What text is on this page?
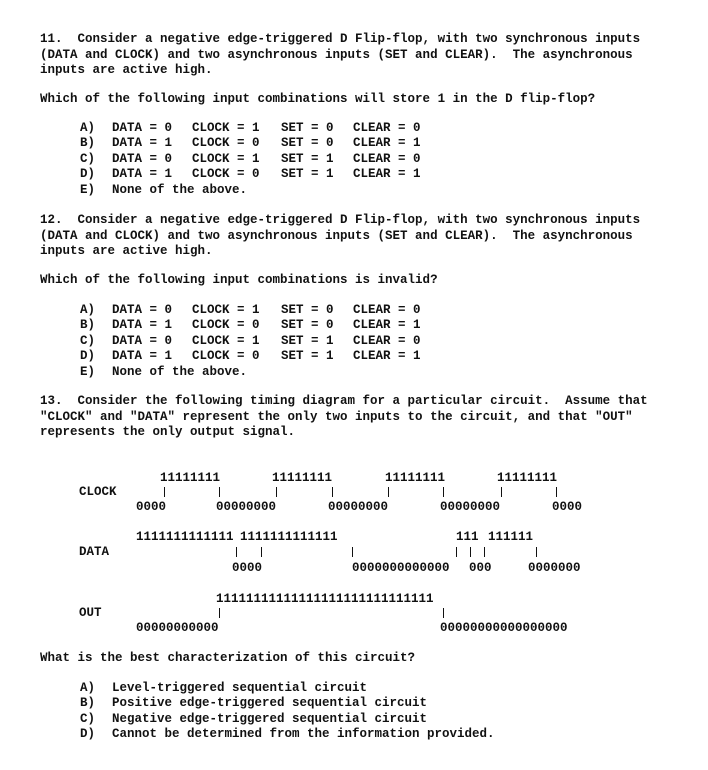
11.  Consider a negative edge-triggered D Flip-flop, with two synchronous inputs
(DATA and CLOCK) and two asynchronous inputs (SET and CLEAR).  The asynchronous
inputs are active high.
Which of the following input combinations will store 1 in the D flip-flop?
A)	DATA = 0	CLOCK = 1	SET = 0	CLEAR = 0
B)	DATA = 1	CLOCK = 0	SET = 0	CLEAR = 1
C)	DATA = 0	CLOCK = 1	SET = 1	CLEAR = 0
D)	DATA = 1	CLOCK = 0	SET = 1	CLEAR = 1
E)	None of the above.
12.  Consider a negative edge-triggered D Flip-flop, with two synchronous inputs
(DATA and CLOCK) and two asynchronous inputs (SET and CLEAR).  The asynchronous
inputs are active high.
Which of the following input combinations is invalid?
A)	DATA = 0	CLOCK = 1	SET = 0	CLEAR = 0
B)	DATA = 1	CLOCK = 0	SET = 0	CLEAR = 1
C)	DATA = 0	CLOCK = 1	SET = 1	CLEAR = 0
D)	DATA = 1	CLOCK = 0	SET = 1	CLEAR = 1
E)	None of the above.
13.  Consider the following timing diagram for a particular circuit.  Assume that
"CLOCK" and "DATA" represent the only two inputs to the circuit, and that "OUT"
represents the only output signal.
11111111	11111111	11111111	11111111
CLOCK
0000	00000000	00000000	00000000	0000
1111111111111 1111111111111	111 111111
DATA
0000	0000000000000 000	0000000
11111111111111111111111111111
OUT
00000000000	00000000000000000
What is the best characterization of this circuit?
A)	Level-triggered sequential circuit
B)	Positive edge-triggered sequential circuit
C)	Negative edge-triggered sequential circuit
D)	Cannot be determined from the information provided.
